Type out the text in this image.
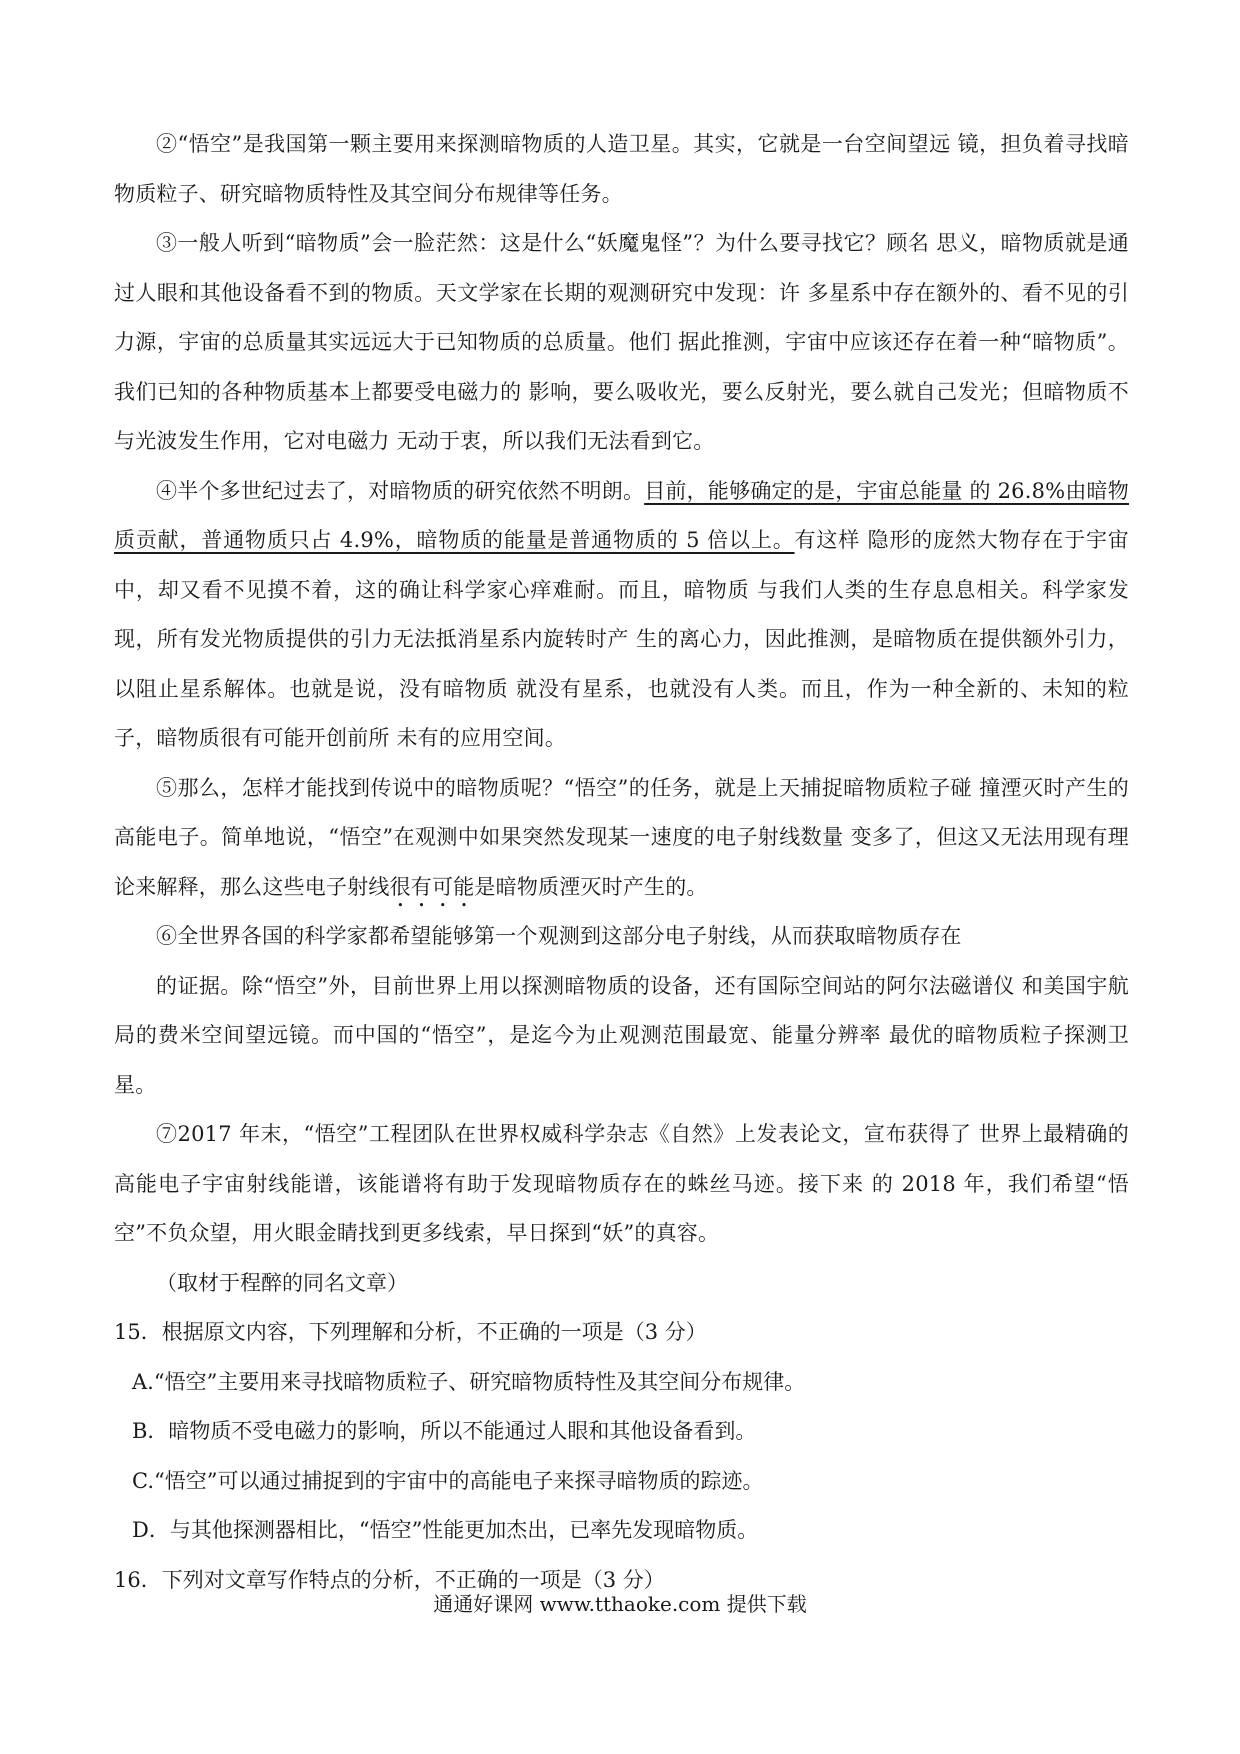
②“悟空”是我国第一颗主要用来探测暗物质的人造卫星。其实，它就是一台空间望远 镜，担负着寻找暗物质粒子、研究暗物质特性及其空间分布规律等任务。

③一般人听到“暗物质”会一脸茫然：这是什么“妖魔鬼怪”？为什么要寻找它？顾名 思义，暗物质就是通过人眼和其他设备看不到的物质。天文学家在长期的观测研究中发现：许 多星系中存在额外的、看不见的引力源，宇宙的总质量其实远远大于已知物质的总质量。他们 据此推测，宇宙中应该还存在着一种“暗物质”。我们已知的各种物质基本上都要受电磁力的 影响，要么吸收光，要么反射光，要么就自己发光；但暗物质不与光波发生作用，它对电磁力 无动于衷，所以我们无法看到它。

④半个多世纪过去了，对暗物质的研究依然不明朗。目前，能够确定的是，宇宙总能量 的 26.8%由暗物质贡献，普通物质只占 4.9%，暗物质的能量是普通物质的 5 倍以上。有这样 隐形的庞然大物存在于宇宙中，却又看不见摸不着，这的确让科学家心痒难耐。而且，暗物质 与我们人类的生存息息相关。科学家发现，所有发光物质提供的引力无法抵消星系内旋转时产 生的离心力，因此推测，是暗物质在提供额外引力，以阻止星系解体。也就是说，没有暗物质 就没有星系，也就没有人类。而且，作为一种全新的、未知的粒子，暗物质很有可能开创前所 未有的应用空间。

⑤那么，怎样才能找到传说中的暗物质呢？“悟空”的任务，就是上天捕捉暗物质粒子碰 撞湮灭时产生的高能电子。简单地说，“悟空”在观测中如果突然发现某一速度的电子射线数量 变多了，但这又无法用现有理论来解释，那么这些电子射线很有可能是暗物质湮灭时产生的。

⑥全世界各国的科学家都希望能够第一个观测到这部分电子射线，从而获取暗物质存在

的证据。除“悟空”外，目前世界上用以探测暗物质的设备，还有国际空间站的阿尔法磁谱仪 和美国宇航局的费米空间望远镜。而中国的“悟空”，是迄今为止观测范围最宽、能量分辨率 最优的暗物质粒子探测卫星。

⑦2017 年末，“悟空”工程团队在世界权威科学杂志《自然》上发表论文，宣布获得了 世界上最精确的高能电子宇宙射线能谱，该能谱将有助于发现暗物质存在的蛛丝马迹。接下来 的 2018 年，我们希望“悟空”不负众望，用火眼金睛找到更多线索，早日探到“妖”的真容。

（取材于程醉的同名文章）

15．根据原文内容，下列理解和分析，不正确的一项是（3 分）

A.“悟空”主要用来寻找暗物质粒子、研究暗物质特性及其空间分布规律。

B．暗物质不受电磁力的影响，所以不能通过人眼和其他设备看到。

C.“悟空”可以通过捕捉到的宇宙中的高能电子来探寻暗物质的踪迹。

D．与其他探测器相比，“悟空”性能更加杰出，已率先发现暗物质。

16．下列对文章写作特点的分析，不正确的一项是（3 分）

通通好课网 www.tthaoke.com 提供下载
